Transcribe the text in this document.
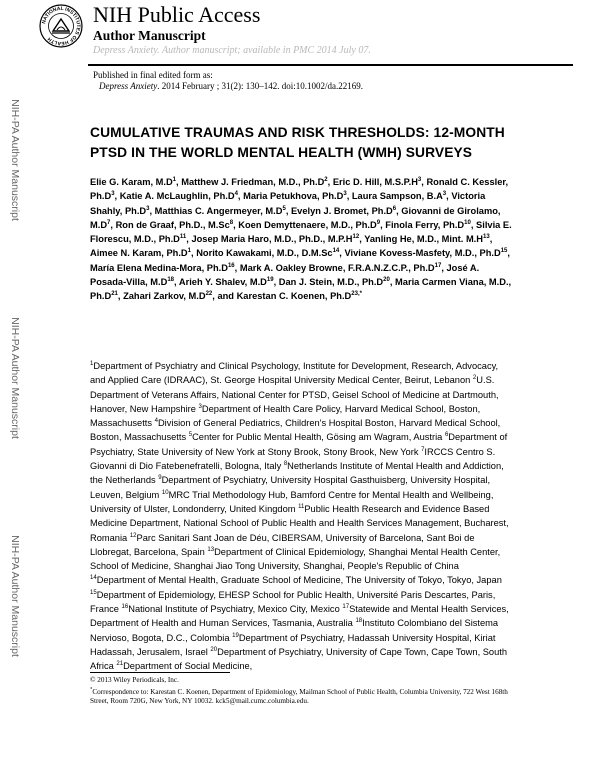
NIH-PA Author Manuscript
NIH-PA Author Manuscript
NIH-PA Author Manuscript
NATIONAL INSTITUTES OF HEALTH
NIH Public Access
Author Manuscript
Depress Anxiety. Author manuscript; available in PMC 2014 July 07.
Published in final edited form as:
Depress Anxiety. 2014 February ; 31(2): 130–142. doi:10.1002/da.22169.
CUMULATIVE TRAUMAS AND RISK THRESHOLDS: 12-MONTH PTSD IN THE WORLD MENTAL HEALTH (WMH) SURVEYS
Elie G. Karam, $M.D^1$, Matthew J. Friedman, M.D., $Ph.D^2$, Eric D. Hill, $M.S.P.H^3$, Ronald C. Kessler, $Ph.D^3$, Katie A. McLaughlin, $Ph.D^4$, Maria Petukhova, $Ph.D^3$, Laura Sampson, $B.A^3$, Victoria Shahly, $Ph.D^3$, Matthias C. Angermeyer, $M.D^5$, Evelyn J. Bromet, $Ph.D^6$, Giovanni de Girolamo, $M.D^7$, Ron de Graaf, Ph.D., M.Sc$^8$, Koen Demyttenaere, M.D., $Ph.D^9$, Finola Ferry, $Ph.D^{10}$, Silvia E. Florescu, M.D., $Ph.D^{11}$, Josep Maria Haro, M.D., Ph.D., $M.P.H^{12}$, Yanling He, M.D., Mint. $M.H^{13}$, Aimee N. Karam, $Ph.D^1$, Norito Kawakami, M.D., D.M.Sc$^{14}$, Viviane Kovess-Masfety, M.D., $Ph.D^{15}$, María Elena Medina-Mora, $Ph.D^{16}$, Mark A. Oakley Browne, F.R.A.N.Z.C.P., $Ph.D^{17}$, José A. Posada-Villa, $M.D^{18}$, Arieh Y. Shalev, $M.D^{19}$, Dan J. Stein, M.D., $Ph.D^{20}$, Maria Carmen Viana, M.D., $Ph.D^{21}$, Zahari Zarkov, $M.D^{22}$, and Karestan C. Koenen, $Ph.D^{23,*}$
$^1$Department of Psychiatry and Clinical Psychology, Institute for Development, Research, Advocacy, and Applied Care (IDRAAC), St. George Hospital University Medical Center, Beirut, Lebanon $^2$U.S. Department of Veterans Affairs, National Center for PTSD, Geisel School of Medicine at Dartmouth, Hanover, New Hampshire $^3$Department of Health Care Policy, Harvard Medical School, Boston, Massachusetts $^4$Division of General Pediatrics, Children's Hospital Boston, Harvard Medical School, Boston, Massachusetts $^5$Center for Public Mental Health, Gösing am Wagram, Austria $^6$Department of Psychiatry, State University of New York at Stony Brook, Stony Brook, New York $^7$IRCCS Centro S. Giovanni di Dio Fatebenefratelli, Bologna, Italy $^8$Netherlands Institute of Mental Health and Addiction, the Netherlands $^9$Department of Psychiatry, University Hospital Gasthuisberg, University Hospital, Leuven, Belgium $^{10}$MRC Trial Methodology Hub, Bamford Centre for Mental Health and Wellbeing, University of Ulster, Londonderry, United Kingdom $^{11}$Public Health Research and Evidence Based Medicine Department, National School of Public Health and Health Services Management, Bucharest, Romania $^{12}$Parc Sanitari Sant Joan de Déu, CIBERSAM, University of Barcelona, Sant Boi de Llobregat, Barcelona, Spain $^{13}$Department of Clinical Epidemiology, Shanghai Mental Health Center, School of Medicine, Shanghai Jiao Tong University, Shanghai, People's Republic of China $^{14}$Department of Mental Health, Graduate School of Medicine, The University of Tokyo, Tokyo, Japan $^{15}$Department of Epidemiology, EHESP School for Public Health, Université Paris Descartes, Paris, France $^{16}$National Institute of Psychiatry, Mexico City, Mexico $^{17}$Statewide and Mental Health Services, Department of Health and Human Services, Tasmania, Australia $^{18}$Instituto Colombiano del Sistema Nervioso, Bogota, D.C., Colombia $^{19}$Department of Psychiatry, Hadassah University Hospital, Kiriat Hadassah, Jerusalem, Israel $^{20}$Department of Psychiatry, University of Cape Town, Cape Town, South Africa $^{21}$Department of Social Medicine,
© 2013 Wiley Periodicals, Inc.
*Correspondence to: Karestan C. Koenen, Department of Epidemiology, Mailman School of Public Health, Columbia University, 722 West 168th Street, Room 720G, New York, NY 10032. kck5@mail.cumc.columbia.edu.
